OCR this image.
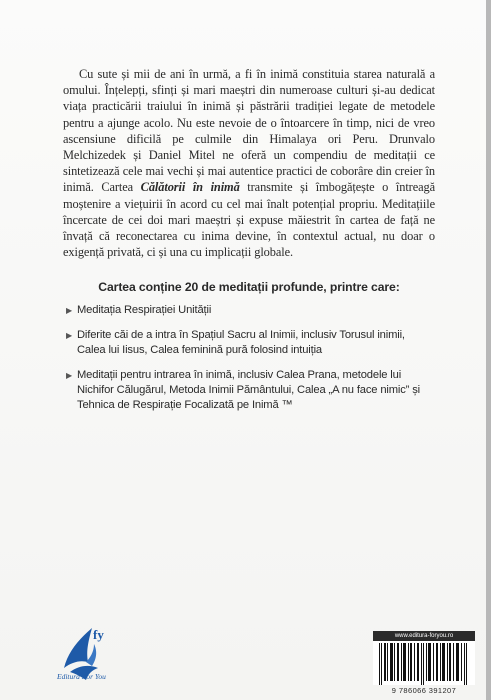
Cu sute și mii de ani în urmă, a fi în inimă constituia starea naturală a omului. Înțelepți, sfinți și mari maeștri din numeroase culturi și-au dedicat viața practicării traiului în inimă și păstrării tradiției legate de metodele pentru a ajunge acolo. Nu este nevoie de o întoarcere în timp, nici de vreo ascensiune dificilă pe culmile din Himalaya ori Peru. Drunvalo Melchizedek și Daniel Mitel ne oferă un compendiu de meditații ce sintetizează cele mai vechi și mai autentice practici de coborâre din creier în inimă. Cartea Călătorii în inimă transmite și îmbogățește o întreagă moștenire a viețuirii în acord cu cel mai înalt potențial propriu. Meditațiile încercate de cei doi mari maeștri și expuse măiestrit în cartea de față ne învață că reconectarea cu inima devine, în contextul actual, nu doar o exigență privată, ci și una cu implicații globale.

Cartea conține 20 de meditații profunde, printre care:
▶ Meditația Respirației Unității
▶ Diferite căi de a intra în Spațiul Sacru al Inimii, inclusiv Torusul inimii, Calea lui Iisus, Calea feminină pură folosind intuiția
▶ Meditații pentru intrarea în inimă, inclusiv Calea Prana, metodele lui Nichifor Călugărul, Metoda Inimii Pământului, Calea „A nu face nimic” și Tehnica de Respirație Focalizată pe Inimă ™
fy
Editura For You
www.editura-foryou.ro
9 786066 391207
